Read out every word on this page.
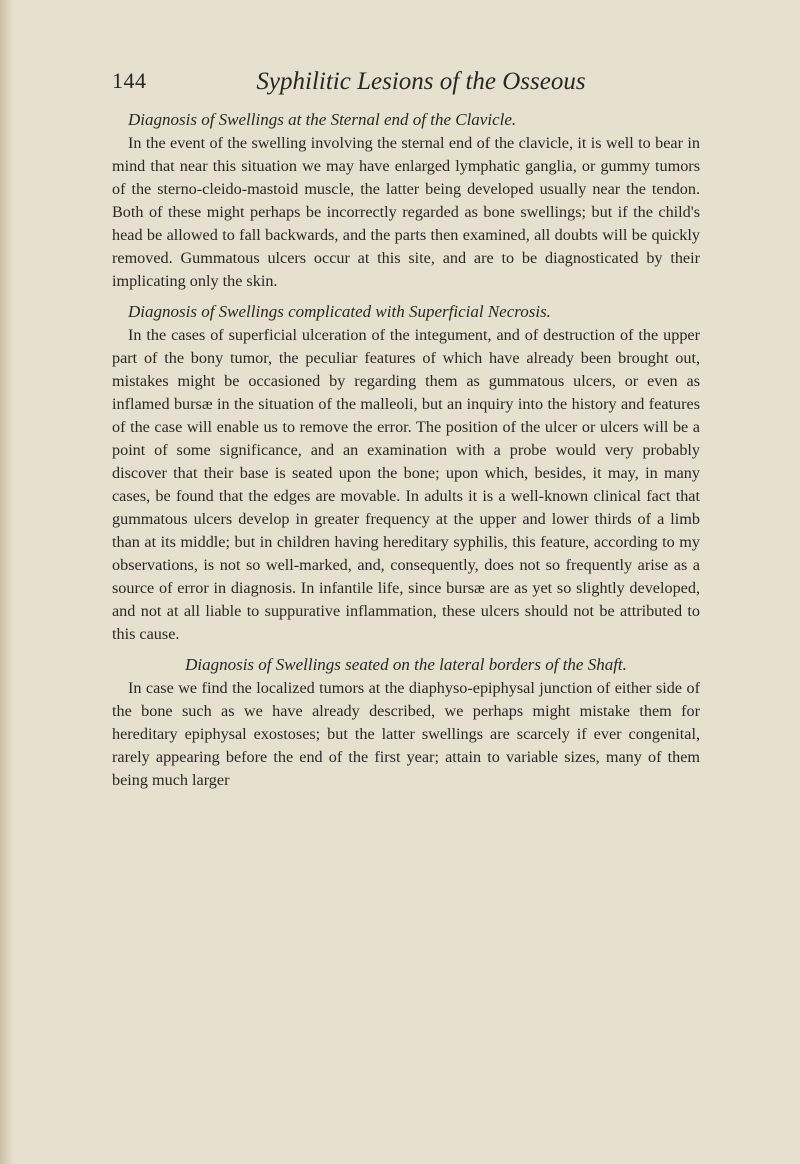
144	Syphilitic Lesions of the Osseous

Diagnosis of Swellings at the Sternal end of the Clavicle.

In the event of the swelling involving the sternal end of the clavicle, it is well to bear in mind that near this situation we may have enlarged lymphatic ganglia, or gummy tumors of the sterno-cleido-mastoid muscle, the latter being developed usually near the tendon. Both of these might perhaps be incorrectly regarded as bone swellings; but if the child's head be allowed to fall backwards, and the parts then examined, all doubts will be quickly removed. Gummatous ulcers occur at this site, and are to be diagnosticated by their implicating only the skin.

Diagnosis of Swellings complicated with Superficial Necrosis.

In the cases of superficial ulceration of the integument, and of destruction of the upper part of the bony tumor, the peculiar features of which have already been brought out, mistakes might be occasioned by regarding them as gummatous ulcers, or even as inflamed bursæ in the situation of the malleoli, but an inquiry into the history and features of the case will enable us to remove the error. The position of the ulcer or ulcers will be a point of some significance, and an examination with a probe would very probably discover that their base is seated upon the bone; upon which, besides, it may, in many cases, be found that the edges are movable. In adults it is a well-known clinical fact that gummatous ulcers develop in greater frequency at the upper and lower thirds of a limb than at its middle; but in children having hereditary syphilis, this feature, according to my observations, is not so well-marked, and, consequently, does not so frequently arise as a source of error in diagnosis. In infantile life, since bursæ are as yet so slightly developed, and not at all liable to suppurative inflammation, these ulcers should not be attributed to this cause.

Diagnosis of Swellings seated on the lateral borders of the Shaft.

In case we find the localized tumors at the diaphyso-epiphysal junction of either side of the bone such as we have already described, we perhaps might mistake them for hereditary epiphysal exostoses; but the latter swellings are scarcely if ever congenital, rarely appearing before the end of the first year; attain to variable sizes, many of them being much larger
